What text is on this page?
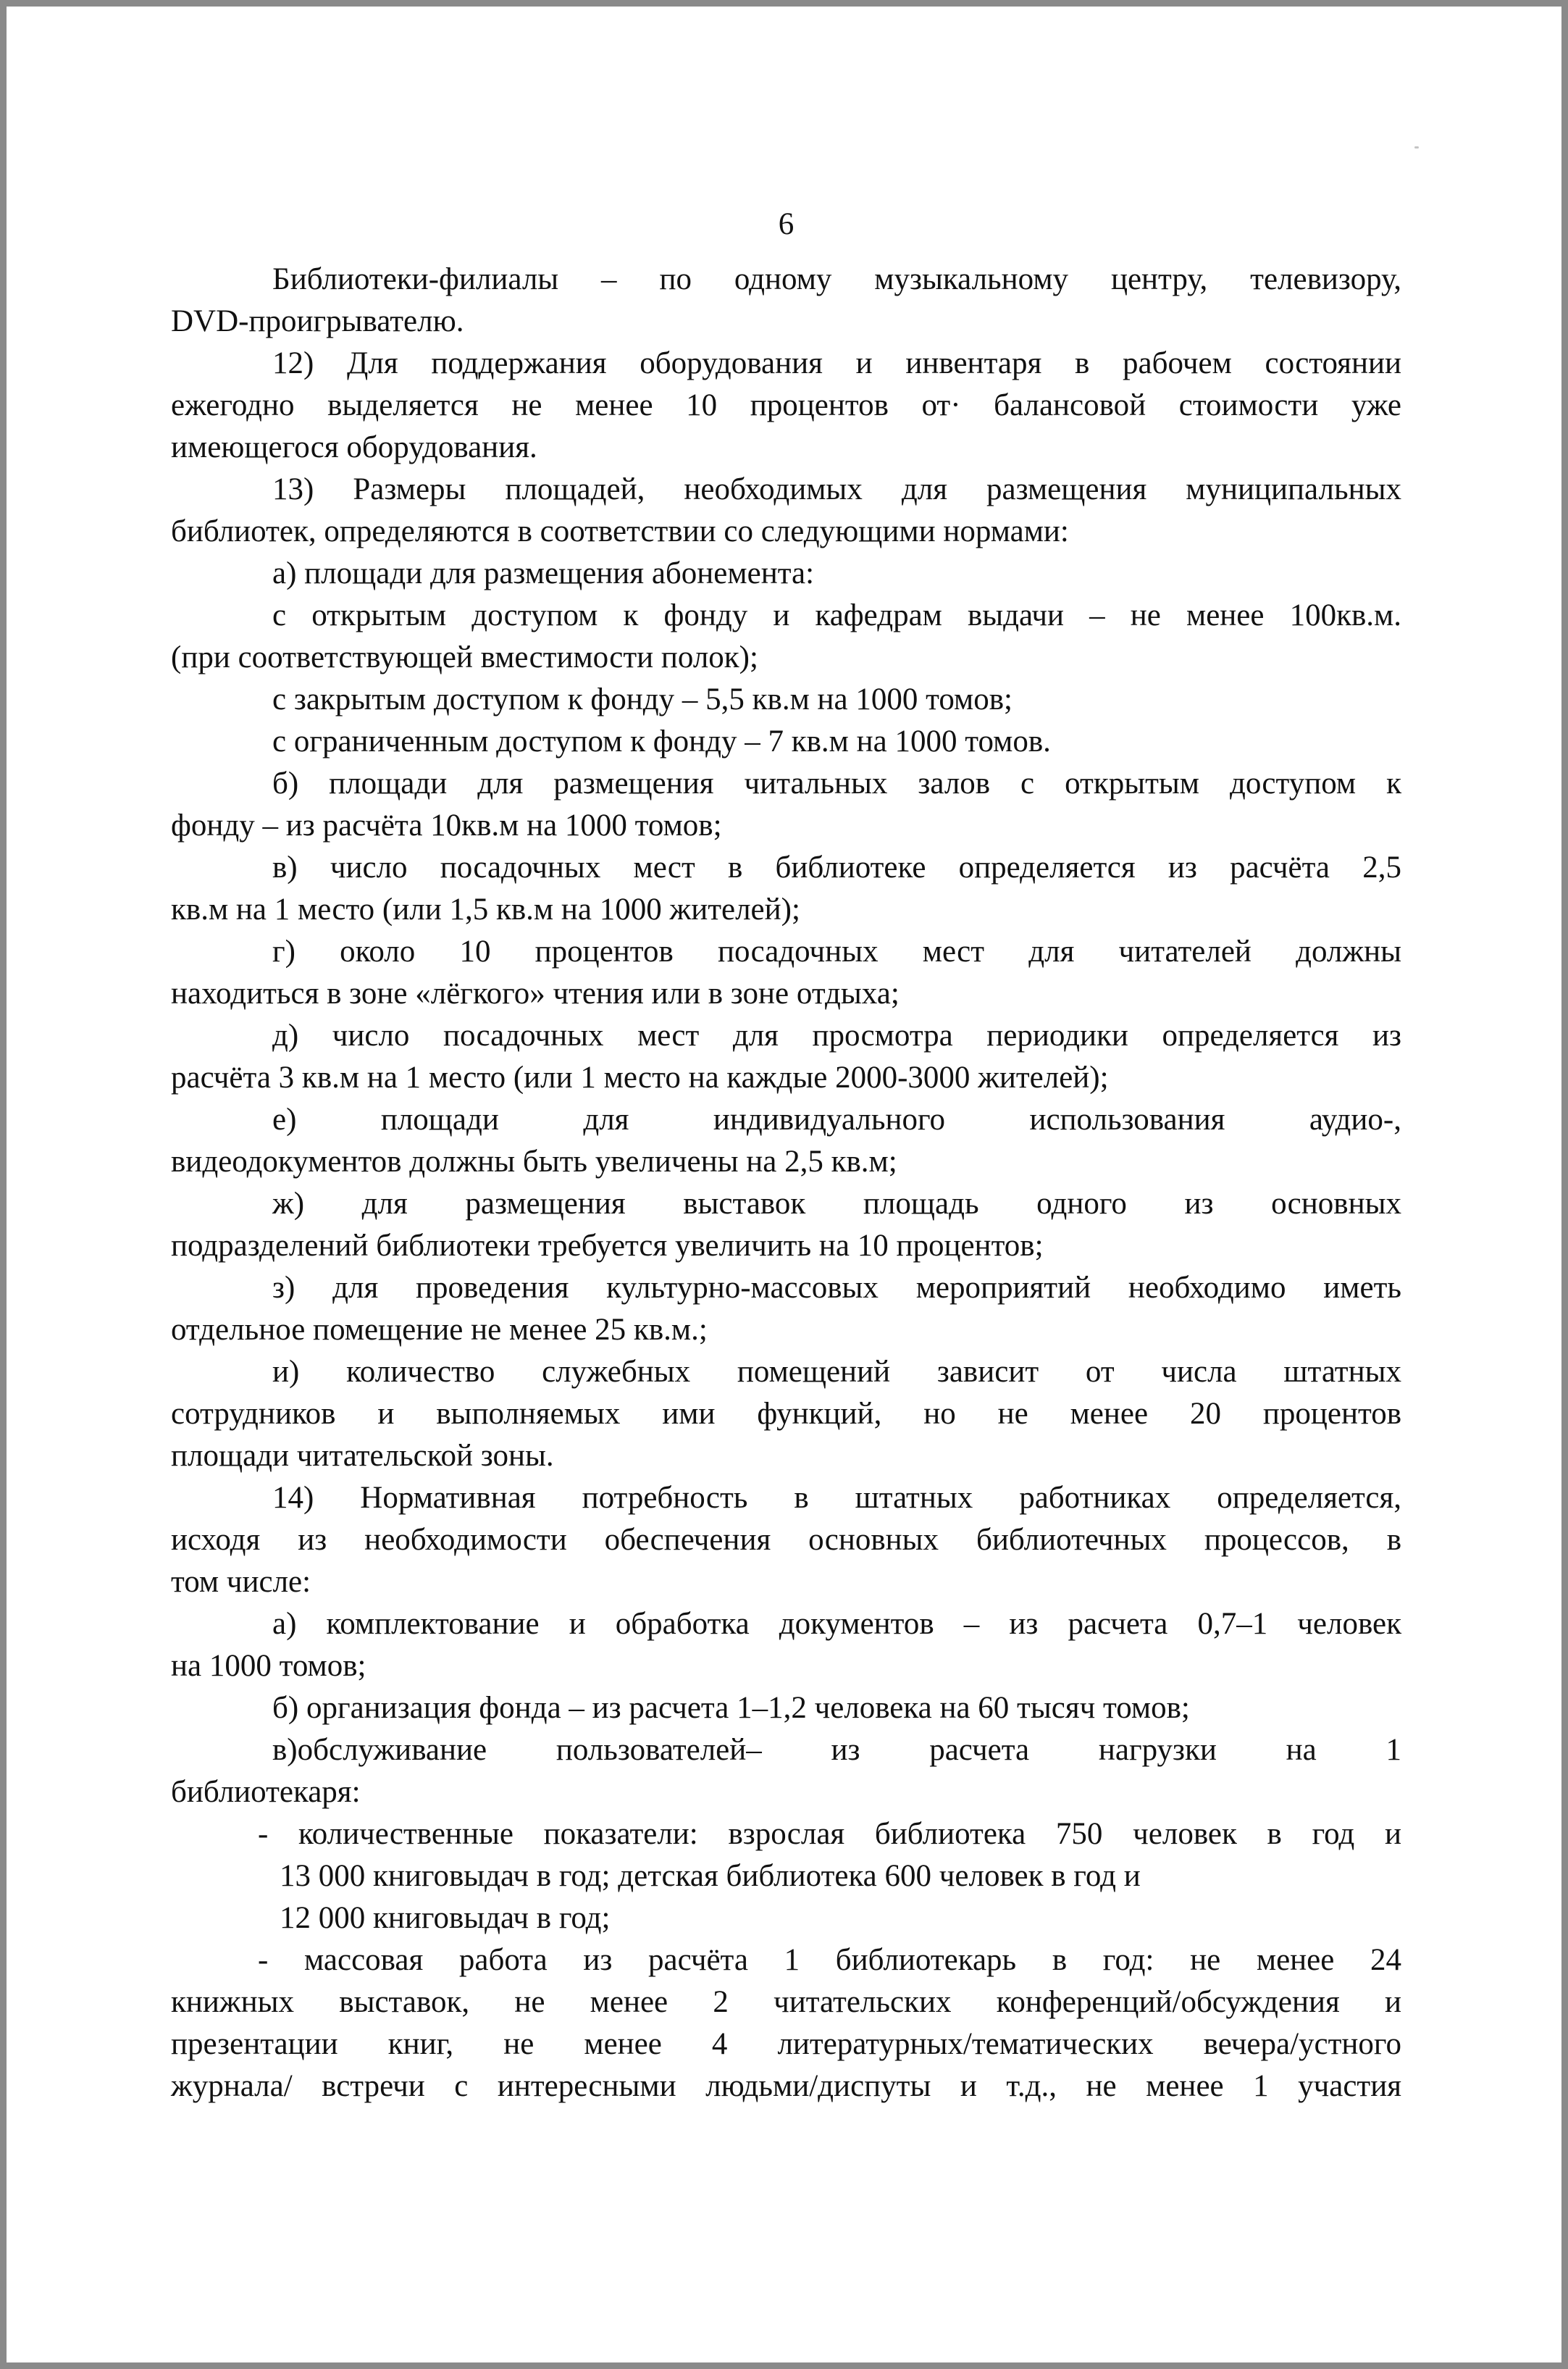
6
Библиотеки-филиалы – по одному музыкальному центру, телевизору,
DVD-проигрывателю.
12) Для поддержания оборудования и инвентаря в рабочем состоянии
ежегодно выделяется не менее 10 процентов от· балансовой стоимости уже
имеющегося оборудования.
13) Размеры площадей, необходимых для размещения муниципальных
библиотек, определяются в соответствии со следующими нормами:
а) площади для размещения абонемента:
с открытым доступом к фонду и кафедрам выдачи – не менее 100кв.м.
(при соответствующей вместимости полок);
с закрытым доступом к фонду – 5,5 кв.м на 1000 томов;
с ограниченным доступом к фонду – 7 кв.м на 1000 томов.
б) площади для размещения читальных залов с открытым доступом к
фонду – из расчёта 10кв.м на 1000 томов;
в) число посадочных мест в библиотеке определяется из расчёта 2,5
кв.м на 1 место (или 1,5 кв.м на 1000 жителей);
г) около 10 процентов посадочных мест для читателей должны
находиться в зоне «лёгкого» чтения или в зоне отдыха;
д) число посадочных мест для просмотра периодики определяется из
расчёта 3 кв.м на 1 место (или 1 место на каждые 2000-3000 жителей);
е) площади для индивидуального использования аудио-,
видеодокументов должны быть увеличены на 2,5 кв.м;
ж) для размещения выставок площадь одного из основных
подразделений библиотеки требуется увеличить на 10 процентов;
з) для проведения культурно-массовых мероприятий необходимо иметь
отдельное помещение не менее 25 кв.м.;
и) количество служебных помещений зависит от числа штатных
сотрудников и выполняемых ими функций, но не менее 20 процентов
площади читательской зоны.
14) Нормативная потребность в штатных работниках определяется,
исходя из необходимости обеспечения основных библиотечных процессов, в
том числе:
а) комплектование и обработка документов – из расчета 0,7–1 человек
на 1000 томов;
б) организация фонда – из расчета 1–1,2 человека на 60 тысяч томов;
в)обслуживание пользователей– из расчета нагрузки на 1
библиотекаря:
- количественные показатели: взрослая библиотека 750 человек в год и
13 000 книговыдач в год; детская библиотека 600 человек в год и
12 000 книговыдач в год;
- массовая работа из расчёта 1 библиотекарь в год: не менее 24
книжных выставок, не менее 2 читательских конференций/обсуждения и
презентации книг, не менее 4 литературных/тематических вечера/устного
журнала/ встречи с интересными людьми/диспуты и т.д., не менее 1 участия
